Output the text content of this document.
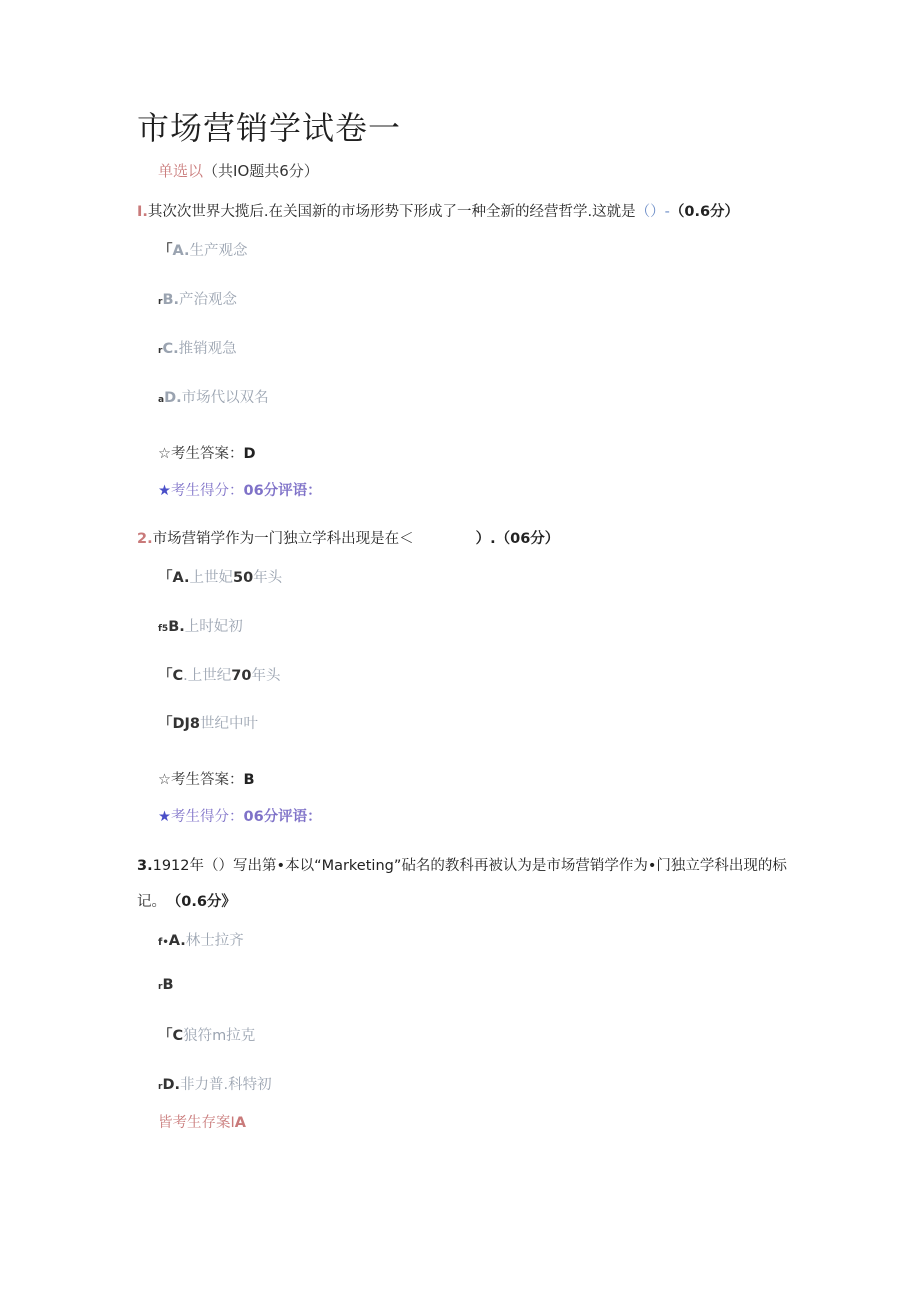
市场营销学试卷一
单选以（共IO题共6分）
I.其次次世界大揽后.在关国新的市场形势下形成了一种全新的经营哲学.这就是（）-（0.6分）
「A.生产观念
rB.产治观念
rC.推销观急
aD.市场代以双名
☆考生答案：D
★考生得分：06分评语：
2.市场营销学作为一门独立学科出现是在＜	）.（06分）
「A.上世妃50年头
f5B.上时妃初
「C.上世纪70年头
「DJ8世纪中叶
☆考生答案：B
★考生得分：06分评语：
3.1912年（）写出第•本以“Marketing”砧名的教科再被认为是市场营销学作为•门独立学科出现的标
记。 （0.6分》
f•A.林士拉齐
rB
「C狼符m拉克
rD.非力普.科特初
皆考生存案IA
